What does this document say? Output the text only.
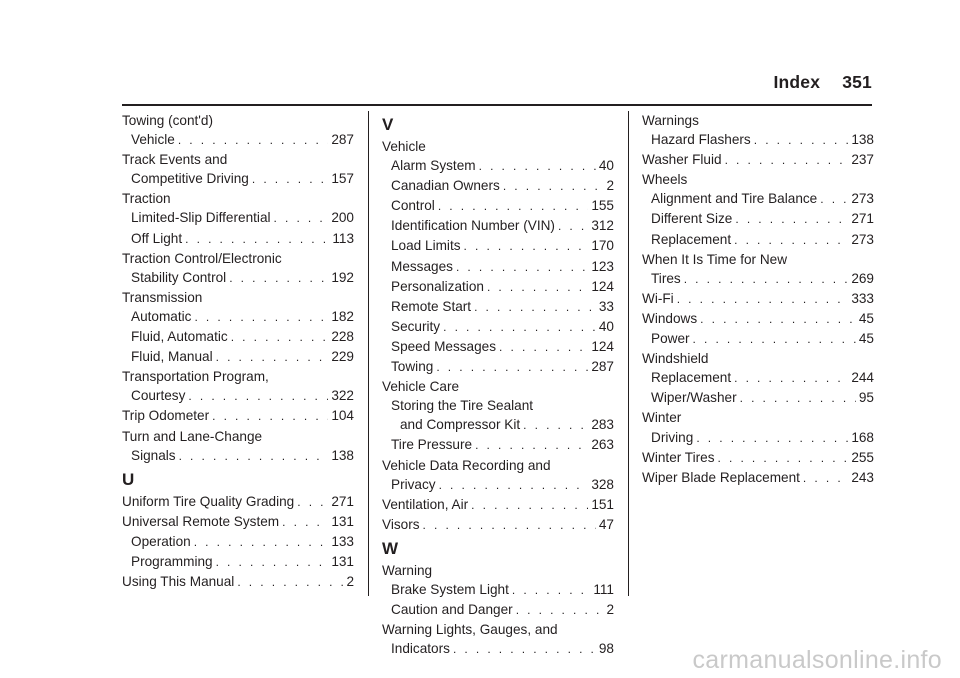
Index 351
Towing (cont'd)
Vehicle . . .	287
Track Events and
Competitive Driving . . .	157
Traction
Limited-Slip Differential . . .	200
Off Light . . .	113
Traction Control/Electronic
Stability Control . . .	192
Transmission
Automatic . . .	182
Fluid, Automatic . . .	228
Fluid, Manual . . .	229
Transportation Program,
Courtesy . . .	322
Trip Odometer . . .	104
Turn and Lane-Change
Signals . . .	138
U
Uniform Tire Quality Grading . . .	271
Universal Remote System . . .	131
Operation . . .	133
Programming . . .	131
Using This Manual . . .	2
V
Vehicle
Alarm System . . .	40
Canadian Owners . . .	2
Control . . .	155
Identification Number (VIN) . . .	312
Load Limits . . .	170
Messages . . .	123
Personalization . . .	124
Remote Start . . .	33
Security . . .	40
Speed Messages . . .	124
Towing . . .	287
Vehicle Care
Storing the Tire Sealant
and Compressor Kit . . .	283
Tire Pressure . . .	263
Vehicle Data Recording and
Privacy . . .	328
Ventilation, Air . . .	151
Visors . . .	47
W
Warning
Brake System Light . . .	111
Caution and Danger . . .	2
Warning Lights, Gauges, and
Indicators . . .	98
Warnings
Hazard Flashers . . .	138
Washer Fluid . . .	237
Wheels
Alignment and Tire Balance . . .	273
Different Size . . .	271
Replacement . . .	273
When It Is Time for New
Tires . . .	269
Wi-Fi . . .	333
Windows . . .	45
Power . . .	45
Windshield
Replacement . . .	244
Wiper/Washer . . .	95
Winter
Driving . . .	168
Winter Tires . . .	255
Wiper Blade Replacement . . .	243
carmanualsonline.info
